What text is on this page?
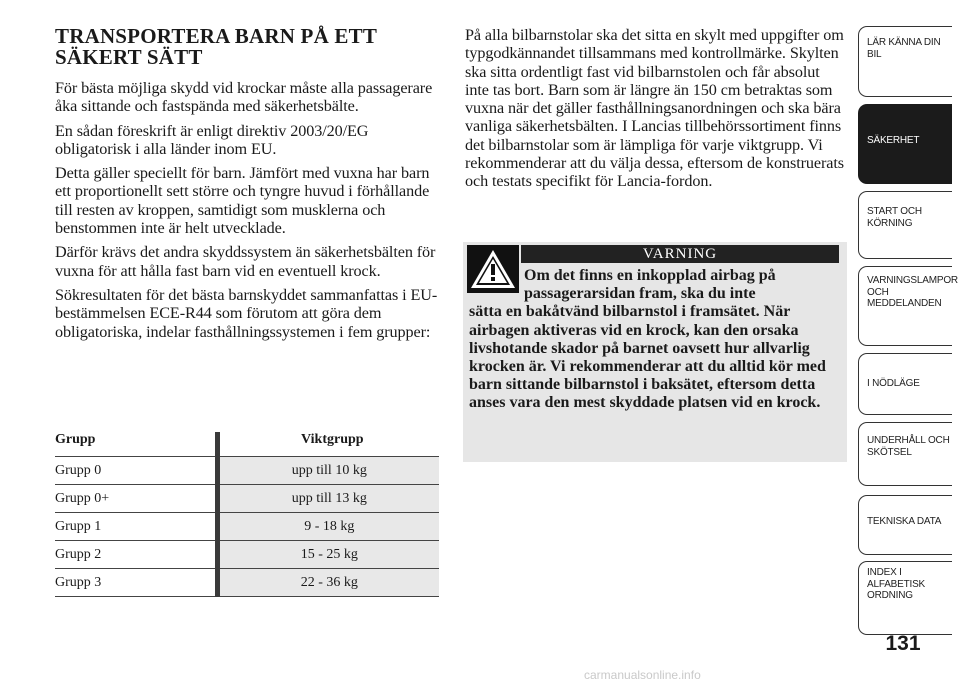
TRANSPORTERA BARN PÅ ETT SÄKERT SÄTT

För bästa möjliga skydd vid krockar måste alla passagerare åka sittande och fastspända med säkerhetsbälte.

En sådan föreskrift är enligt direktiv 2003/20/EG obligatorisk i alla länder inom EU.

Detta gäller speciellt för barn. Jämfört med vuxna har barn ett proportionellt sett större och tyngre huvud i förhållande till resten av kroppen, samtidigt som musklerna och benstommen inte är helt utvecklade.

Därför krävs det andra skyddssystem än säkerhetsbälten för vuxna för att hålla fast barn vid en eventuell krock.

Sökresultaten för det bästa barnskyddet sammanfattas i EU-bestämmelsen ECE-R44 som förutom att göra dem obligatoriska, indelar fasthållningssystemen i fem grupper:

Grupp	Viktgrupp
Grupp 0	upp till 10 kg
Grupp 0+	upp till 13 kg
Grupp 1	9 - 18 kg
Grupp 2	15 - 25 kg
Grupp 3	22 - 36 kg

På alla bilbarnstolar ska det sitta en skylt med uppgifter om typgodkännandet tillsammans med kontrollmärke. Skylten ska sitta ordentligt fast vid bilbarnstolen och får absolut inte tas bort. Barn som är längre än 150 cm betraktas som vuxna när det gäller fasthållningsanordningen och ska bära vanliga säkerhetsbälten. I Lancias tillbehörssortiment finns det bilbarnstolar som är lämpliga för varje viktgrupp. Vi rekommenderar att du välja dessa, eftersom de konstruerats och testats specifikt för Lancia-fordon.

VARNING
Om det finns en inkopplad airbag på
passagerarsidan fram, ska du inte
sätta en bakåtvänd bilbarnstol i framsätet. När airbagen aktiveras vid en krock, kan den orsaka livshotande skador på barnet oavsett hur allvarlig krocken är. Vi rekommenderar att du alltid kör med barn sittande bilbarnstol i baksätet, eftersom detta anses vara den mest skyddade platsen vid en krock.
LÄR KÄNNA DIN BIL
SÄKERHET
START OCH KÖRNING
VARNINGSLAMPOR OCH MEDDELANDEN
I NÖDLÄGE
UNDERHÅLL OCH SKÖTSEL
TEKNISKA DATA
INDEX I ALFABETISK ORDNING
131
carmanualsonline.info
